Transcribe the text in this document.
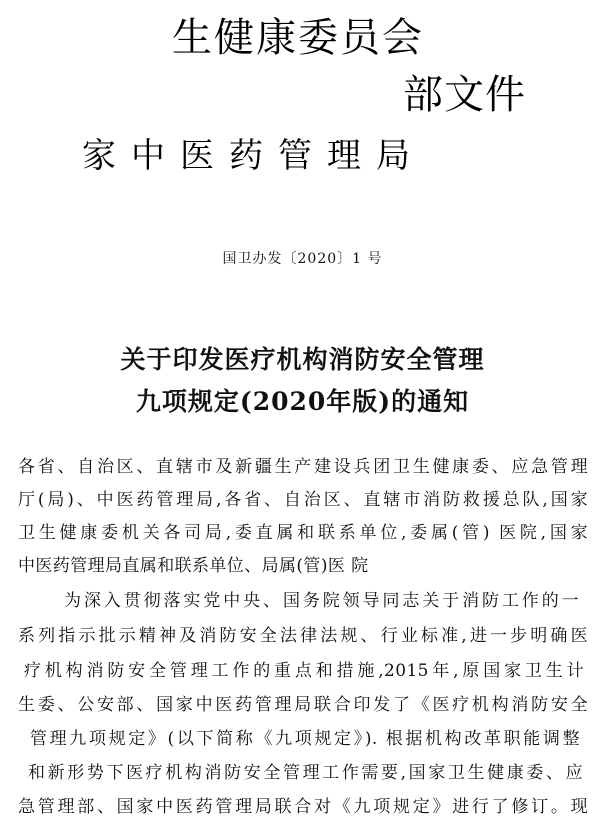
生健康委员会
部文件
家中医药管理局
国卫办发〔2020〕1 号
关于印发医疗机构消防安全管理
九项规定(2020年版)的通知
各省、自治区、直辖市及新疆生产建设兵团卫生健康委、应急管理
厅(局)、中医药管理局,各省、自治区、直辖市消防救援总队,国家
卫生健康委机关各司局,委直属和联系单位,委属(管) 医院,国家
中医药管理局直属和联系单位、局属(管)医 院
为深入贯彻落实党中央、国务院领导同志关于消防工作的一
系列指示批示精神及消防安全法律法规、行业标准,进一步明确医
疗机构消防安全管理工作的重点和措施,2015年,原国家卫生计
生委、公安部、国家中医药管理局联合印发了《医疗机构消防安全
管理九项规定》(以下简称《九项规定》). 根据机构改革职能调整
和新形势下医疗机构消防安全管理工作需要,国家卫生健康委、应
急管理部、国家中医药管理局联合对《九项规定》进行了修订。现
